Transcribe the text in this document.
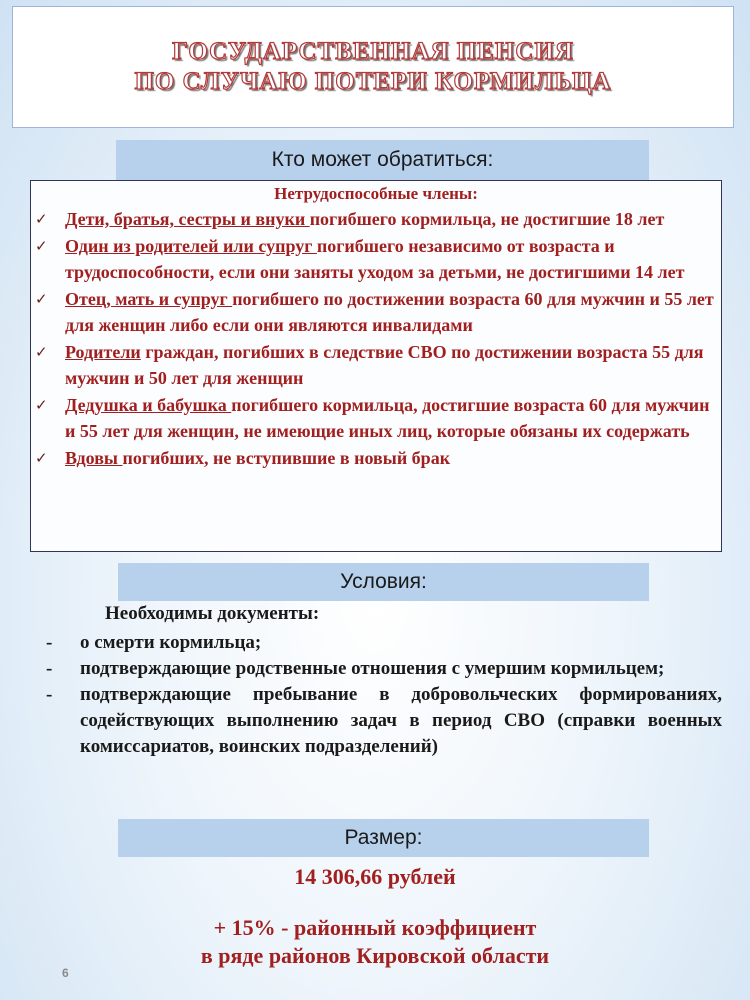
ГОСУДАРСТВЕННАЯ ПЕНСИЯ
ПО СЛУЧАЮ ПОТЕРИ КОРМИЛЬЦА
Кто может обратиться:
Нетрудоспособные члены:
✓ Дети, братья, сестры и внуки погибшего кормильца, не достигшие 18 лет
✓ Один из родителей или супруг погибшего независимо от возраста и трудоспособности, если они заняты уходом за детьми, не достигшими 14 лет
✓ Отец, мать и супруг погибшего по достижении возраста 60 для мужчин и 55 лет для женщин либо если они являются инвалидами
✓ Родители граждан, погибших в следствие СВО по достижении возраста 55 для мужчин и 50 лет для женщин
✓ Дедушка и бабушка погибшего кормильца, достигшие возраста 60 для мужчин и 55 лет для женщин, не имеющие иных лиц, которые обязаны их содержать
✓ Вдовы погибших, не вступившие в новый брак
Условия:
Необходимы документы:
- о смерти кормильца;
- подтверждающие родственные отношения с умершим кормильцем;
- подтверждающие пребывание в добровольческих формированиях, содействующих выполнению задач в период СВО (справки военных комиссариатов, воинских подразделений)
Размер:
14 306,66 рублей
+ 15% - районный коэффициент
в ряде районов Кировской области
6
